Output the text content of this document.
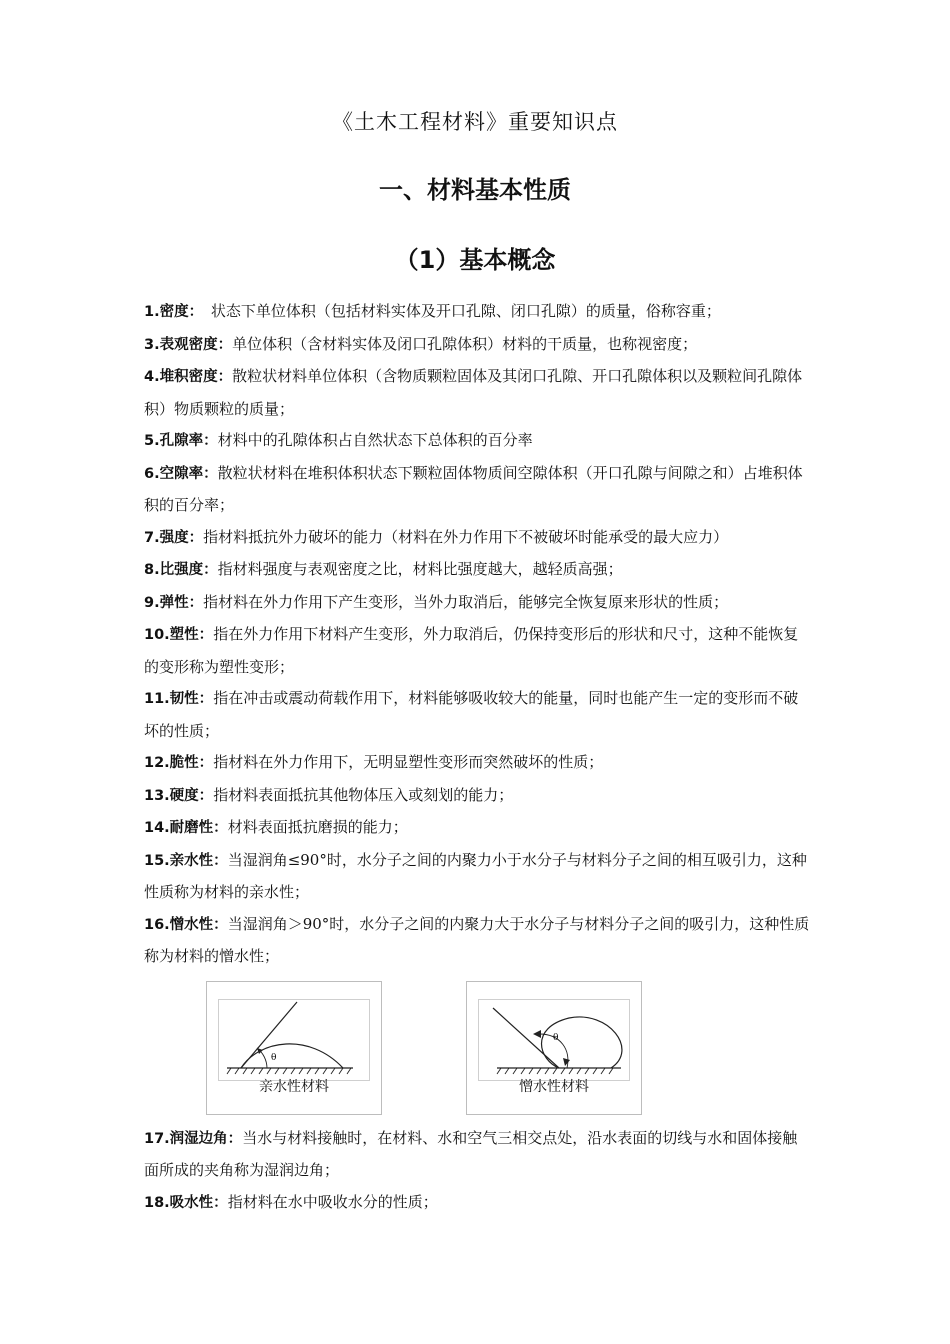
《土木工程材料》重要知识点
一、材料基本性质
（1）基本概念

1.密度：　状态下单位体积（包括材料实体及开口孔隙、闭口孔隙）的质量，俗称容重；

3.表观密度：单位体积（含材料实体及闭口孔隙体积）材料的干质量，也称视密度；

4.堆积密度：散粒状材料单位体积（含物质颗粒固体及其闭口孔隙、开口孔隙体积以及颗粒间孔隙体积）物质颗粒的质量；

5.孔隙率：材料中的孔隙体积占自然状态下总体积的百分率

6.空隙率：散粒状材料在堆积体积状态下颗粒固体物质间空隙体积（开口孔隙与间隙之和）占堆积体积的百分率；

7.强度：指材料抵抗外力破坏的能力（材料在外力作用下不被破坏时能承受的最大应力）

8.比强度：指材料强度与表观密度之比，材料比强度越大，越轻质高强；

9.弹性：指材料在外力作用下产生变形，当外力取消后，能够完全恢复原来形状的性质；

10.塑性：指在外力作用下材料产生变形，外力取消后，仍保持变形后的形状和尺寸，这种不能恢复的变形称为塑性变形；

11.韧性：指在冲击或震动荷载作用下，材料能够吸收较大的能量，同时也能产生一定的变形而不破坏的性质；

12.脆性：指材料在外力作用下，无明显塑性变形而突然破坏的性质；

13.硬度：指材料表面抵抗其他物体压入或刻划的能力；

14.耐磨性：材料表面抵抗磨损的能力；

15.亲水性：当湿润角≤90°时，水分子之间的内聚力小于水分子与材料分子之间的相互吸引力，这种性质称为材料的亲水性；

16.憎水性：当湿润角＞90°时，水分子之间的内聚力大于水分子与材料分子之间的吸引力，这种性质称为材料的憎水性；

θ
亲水性材料
θ
憎水性材料

17.润湿边角：当水与材料接触时，在材料、水和空气三相交点处，沿水表面的切线与水和固体接触面所成的夹角称为湿润边角；

18.吸水性：指材料在水中吸收水分的性质；
